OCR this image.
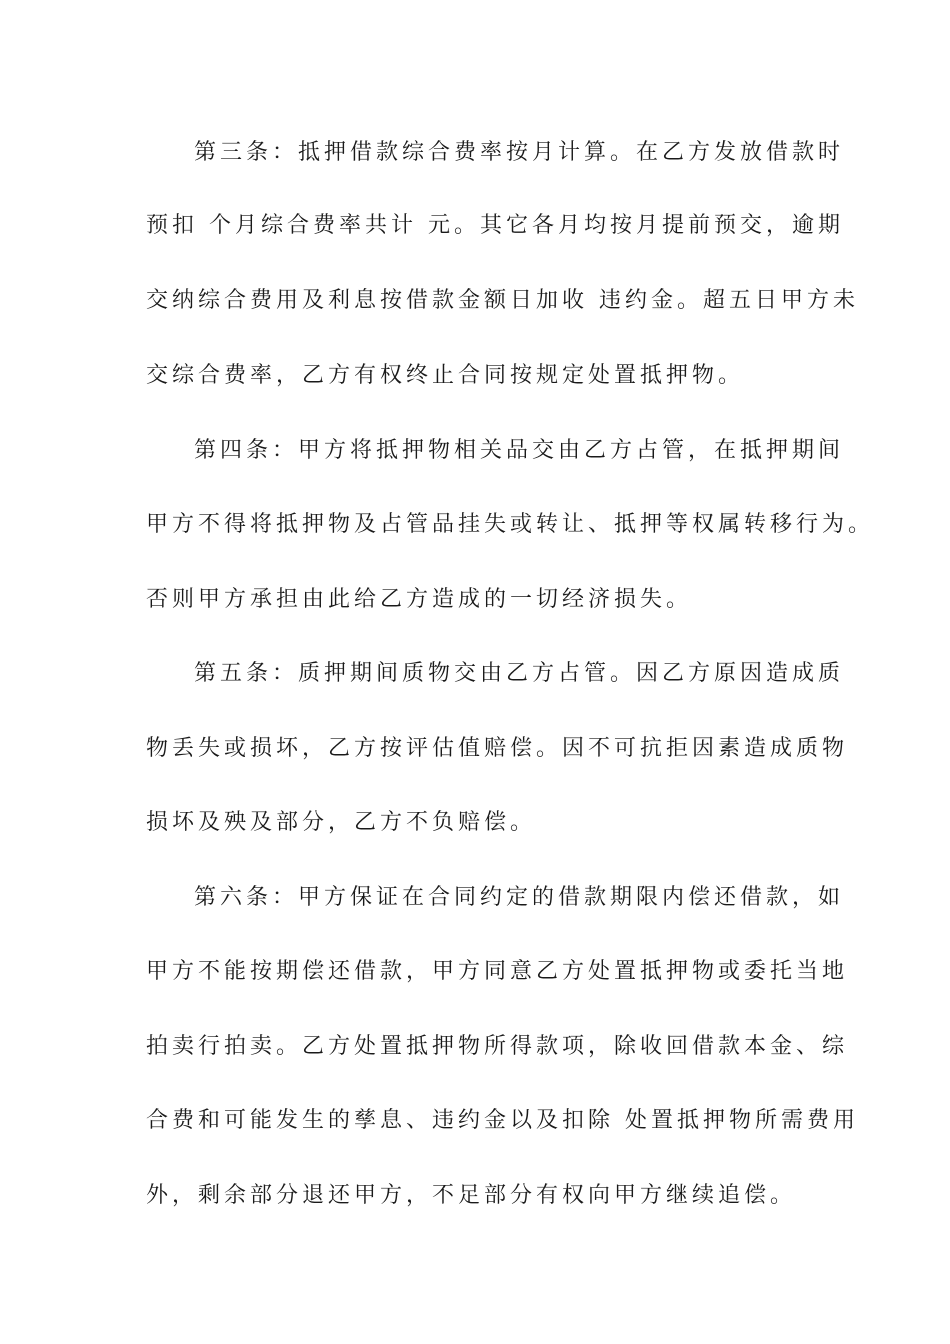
第三条：抵押借款综合费率按月计算。在乙方发放借款时
预扣 个月综合费率共计 元。其它各月均按月提前预交，逾期
交纳综合费用及利息按借款金额日加收 违约金。超五日甲方未
交综合费率，乙方有权终止合同按规定处置抵押物。
第四条：甲方将抵押物相关品交由乙方占管，在抵押期间
甲方不得将抵押物及占管品挂失或转让、抵押等权属转移行为。
否则甲方承担由此给乙方造成的一切经济损失。
第五条：质押期间质物交由乙方占管。因乙方原因造成质
物丢失或损坏，乙方按评估值赔偿。因不可抗拒因素造成质物
损坏及殃及部分，乙方不负赔偿。
第六条：甲方保证在合同约定的借款期限内偿还借款，如
甲方不能按期偿还借款，甲方同意乙方处置抵押物或委托当地
拍卖行拍卖。乙方处置抵押物所得款项，除收回借款本金、综
合费和可能发生的孳息、违约金以及扣除 处置抵押物所需费用
外，剩余部分退还甲方，不足部分有权向甲方继续追偿。
